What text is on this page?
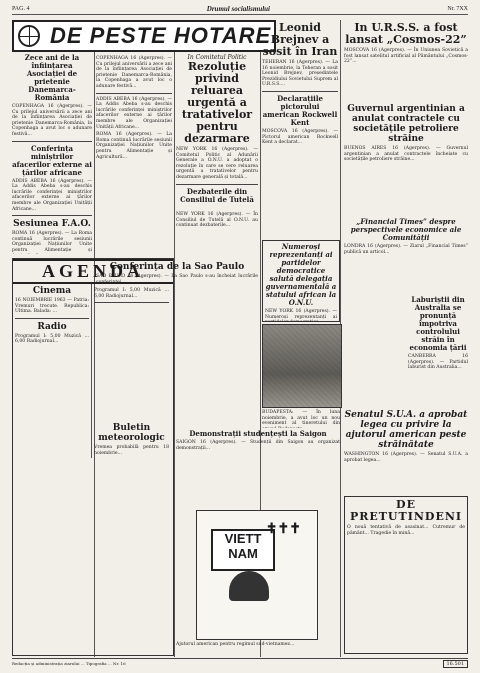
PAG. 4	Drumul socialismului	Nr. 7XX
DE PESTE HOTARE
Zece ani de la înființarea Asociației de prietenie Danemarca-România
COPENHAGA 16 (Agerpres). — Cu prilejul aniversării a zece ani de la înființarea Asociației de prietenie Danemarca-România, la Copenhaga a avut loc o adunare festivă...
Conferința miniștrilor afacerilor externe ai țărilor africane
ADDIS ABEBA 16 (Agerpres). — La Addis Abeba s-au deschis lucrările conferinței miniștrilor afacerilor externe ai țărilor membre ale Organizației Unității Africane...
Sesiunea F.A.O.
ROMA 16 (Agerpres). — La Roma continuă lucrările sesiunii Organizației Națiunilor Unite pentru Alimentație și
AGENDA
Cinema
16 NOIEMBRIE 1963 — Patria: Vremuri trecute. Republica: Ultima. Balada: ...
Radio
Programul I: 5,00 Muzică ... 6,00 Radiojurnal...
Programul I: 5,00 Muzică ... 6,00 Radiojurnal...
Buletin meteorologic
Vremea probabilă pentru 18 noiembrie...
COPENHAGA 16 (Agerpres). — Cu prilejul aniversării a zece ani de la înființarea Asociației de prietenie Danemarca-România, la Copenhaga a avut loc o adunare festivă...
ADDIS ABEBA 16 (Agerpres). — La Addis Abeba s-au deschis lucrările conferinței miniștrilor afacerilor externe ai țărilor membre ale Organizației Unității Africane...
ROMA 16 (Agerpres). — La Roma continuă lucrările sesiunii Organizației Națiunilor Unite pentru Alimentație și Agricultură...
În Comitetul Politic
Rezoluție privind reluarea urgentă a tratativelor pentru dezarmare
NEW YORK 16 (Agerpres). — Comitetul Politic al Adunării Generale a O.N.U. a adoptat o rezoluție în care se cere reluarea urgentă a tratativelor pentru dezarmare generală și totală...
Dezbaterile din Consiliul de Tutelă
Conferința de la Sao Paulo
SAO PAULO 16 (Agerpres). — La Sao Paulo s-au încheiat lucrările conferinței...
NEW YORK 16 (Agerpres). — În Consiliul de Tutelă al O.N.U. au continuat dezbaterile...
Leonid Brejnev a sosit în Iran
TEHERAN 16 (Agerpres). — La 16 noiembrie, la Teheran a sosit Leonid Brejnev, președintele Prezidiului Sovietului Suprem al U.R.S.S....
Declarațiile pictorului american Rockwell Kent
MOSCOVA 16 (Agerpres). — Pictorul american Rockwell Kent a declarat...
Numeroși reprezentanți ai partidelor democratice salută delegația guvernamentală a statului african la O.N.U.
NEW YORK 16 (Agerpres). — Numeroși reprezentanți ai
BUDAPESTA: — În luna noiembrie, a avut loc un nou eveniment al tineretului din
Demonstrații studențești la Saigon
SAIGON 16 (Agerpres). — Studenții din Saigon au organizat demonstrații...
VIETT NAM
✝✝✝
Ajutorul american pentru regimul sud-vietnamez...
În U.R.S.S. a fost lansat „Cosmos-22”
MOSCOVA 16 (Agerpres). — În Uniunea Sovietică a fost lansat satelitul artificial al Pământului „Cosmos-22”...
Guvernul argentinian a anulat contractele cu societățile petroliere străine
BUENOS AIRES 16 (Agerpres). — Guvernul argentinian a anulat contractele încheiate cu societățile petroliere străine...
„Financial Times” despre perspectivele economice ale Comunității
LONDRA 16 (Agerpres). — Ziarul „Financial Times” publică un articol...
Laburiștii din Australia se pronunță împotriva controlului străin în economia țării
CANBERRA 16 (Agerpres). — Partidul laburist din Australia...
Senatul S.U.A. a aprobat legea cu privire la ajutorul american peste străinătate
WASHINGTON 16 (Agerpres). — Senatul S.U.A. a aprobat legea...
DE PRETUTINDENI
O nouă tentativă de asasinat... Cutremur de pământ... Tragedie în mină...
Redacția și administrația ziarului ... Tipografia ... Nr. 16	16.501
